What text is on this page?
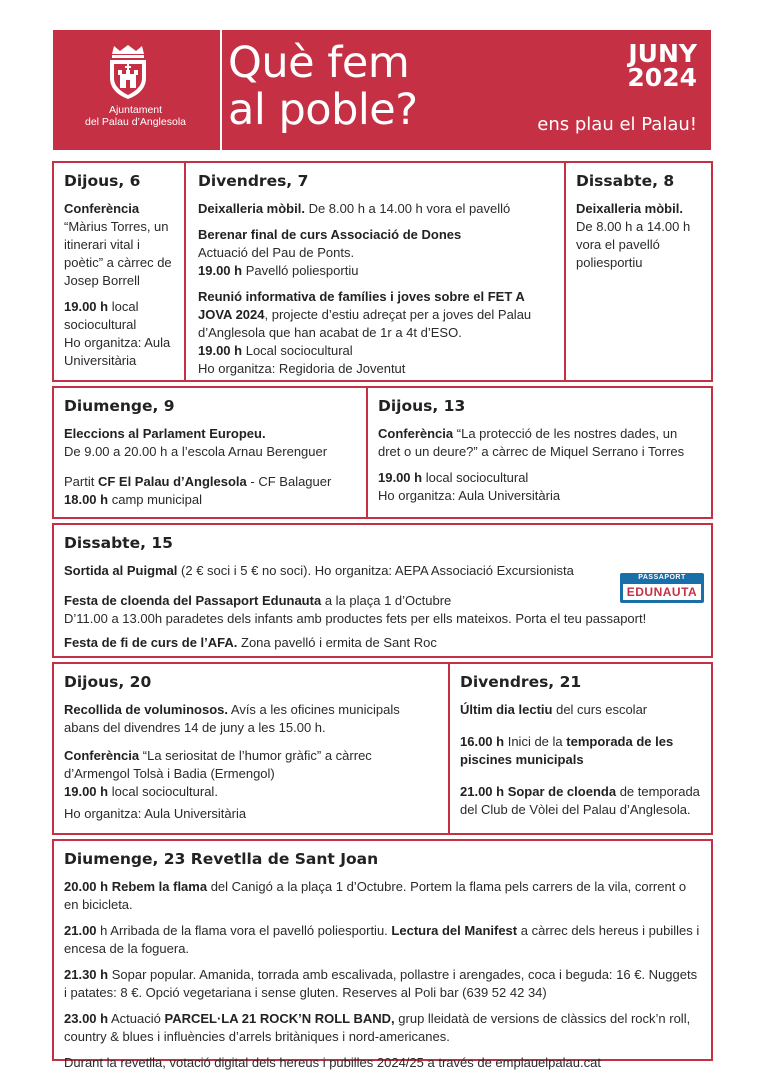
Ajuntament
del Palau d’Anglesola
Què fem
al poble?
JUNY
2024
ens plau el Palau!
Dijous, 6

Conferència
“Màrius Torres, un itinerari vital i poètic” a càrrec de Josep Borrell

19.00 h local sociocultural
Ho organitza: Aula Universitària

Divendres, 7

Deixalleria mòbil. De 8.00 h a 14.00 h vora el pavelló

Berenar final de curs Associació de Dones
Actuació del Pau de Ponts.
19.00 h Pavelló poliesportiu

Reunió informativa de famílies i joves sobre el FET A JOVA 2024, projecte d’estiu adreçat per a joves del Palau d’Anglesola que han acabat de 1r a 4t d’ESO.
19.00 h Local sociocultural
Ho organitza: Regidoria de Joventut

Dissabte, 8

Deixalleria mòbil.
De 8.00 h a 14.00 h vora el pavelló poliesportiu

Diumenge, 9

Eleccions al Parlament Europeu.
De 9.00 a 20.00 h a l’escola Arnau Berenguer

Partit CF El Palau d’Anglesola - CF Balaguer
18.00 h camp municipal

Dijous, 13

Conferència “La protecció de les nostres dades, un dret o un deure?” a càrrec de Miquel Serrano i Torres

19.00 h local sociocultural
Ho organitza: Aula Universitària

Dissabte, 15

Sortida al Puigmal (2 € soci i 5 € no soci). Ho organitza: AEPA Associació Excursionista

Festa de cloenda del Passaport Edunauta a la plaça 1 d’Octubre
D’11.00 a 13.00h paradetes dels infants amb productes fets per ells mateixos. Porta el teu passaport!

Festa de fi de curs de l’AFA. Zona pavelló i ermita de Sant Roc

PASSAPORT
EDUNAUTA
Dijous, 20

Recollida de voluminosos. Avís a les oficines municipals abans del divendres 14 de juny a les 15.00 h.

Conferència “La seriositat de l’humor gràfic” a càrrec d’Armengol Tolsà i Badia (Ermengol)
19.00 h local sociocultural.

Ho organitza: Aula Universitària

Divendres, 21

Últim dia lectiu del curs escolar

16.00 h Inici de la temporada de les piscines municipals

21.00 h Sopar de cloenda de temporada del Club de Vòlei del Palau d’Anglesola.

Diumenge, 23 Revetlla de Sant Joan

20.00 h Rebem la flama del Canigó a la plaça 1 d’Octubre. Portem la flama pels carrers de la vila, corrent o en bicicleta.

21.00 h Arribada de la flama vora el pavelló poliesportiu. Lectura del Manifest a càrrec dels hereus i pubilles i encesa de la foguera.

21.30 h Sopar popular. Amanida, torrada amb escalivada, pollastre i arengades, coca i beguda: 16 €. Nuggets i patates: 8 €. Opció vegetariana i sense gluten. Reserves al Poli bar (639 52 42 34)

23.00 h Actuació PARCEL·LA 21 ROCK’N ROLL BAND, grup lleidatà de versions de clàssics del rock’n roll, country & blues i influències d’arrels britàniques i nord-americanes.

Durant la revetlla, votació digital dels hereus i pubilles 2024/25 a través de emplauelpalau.cat
